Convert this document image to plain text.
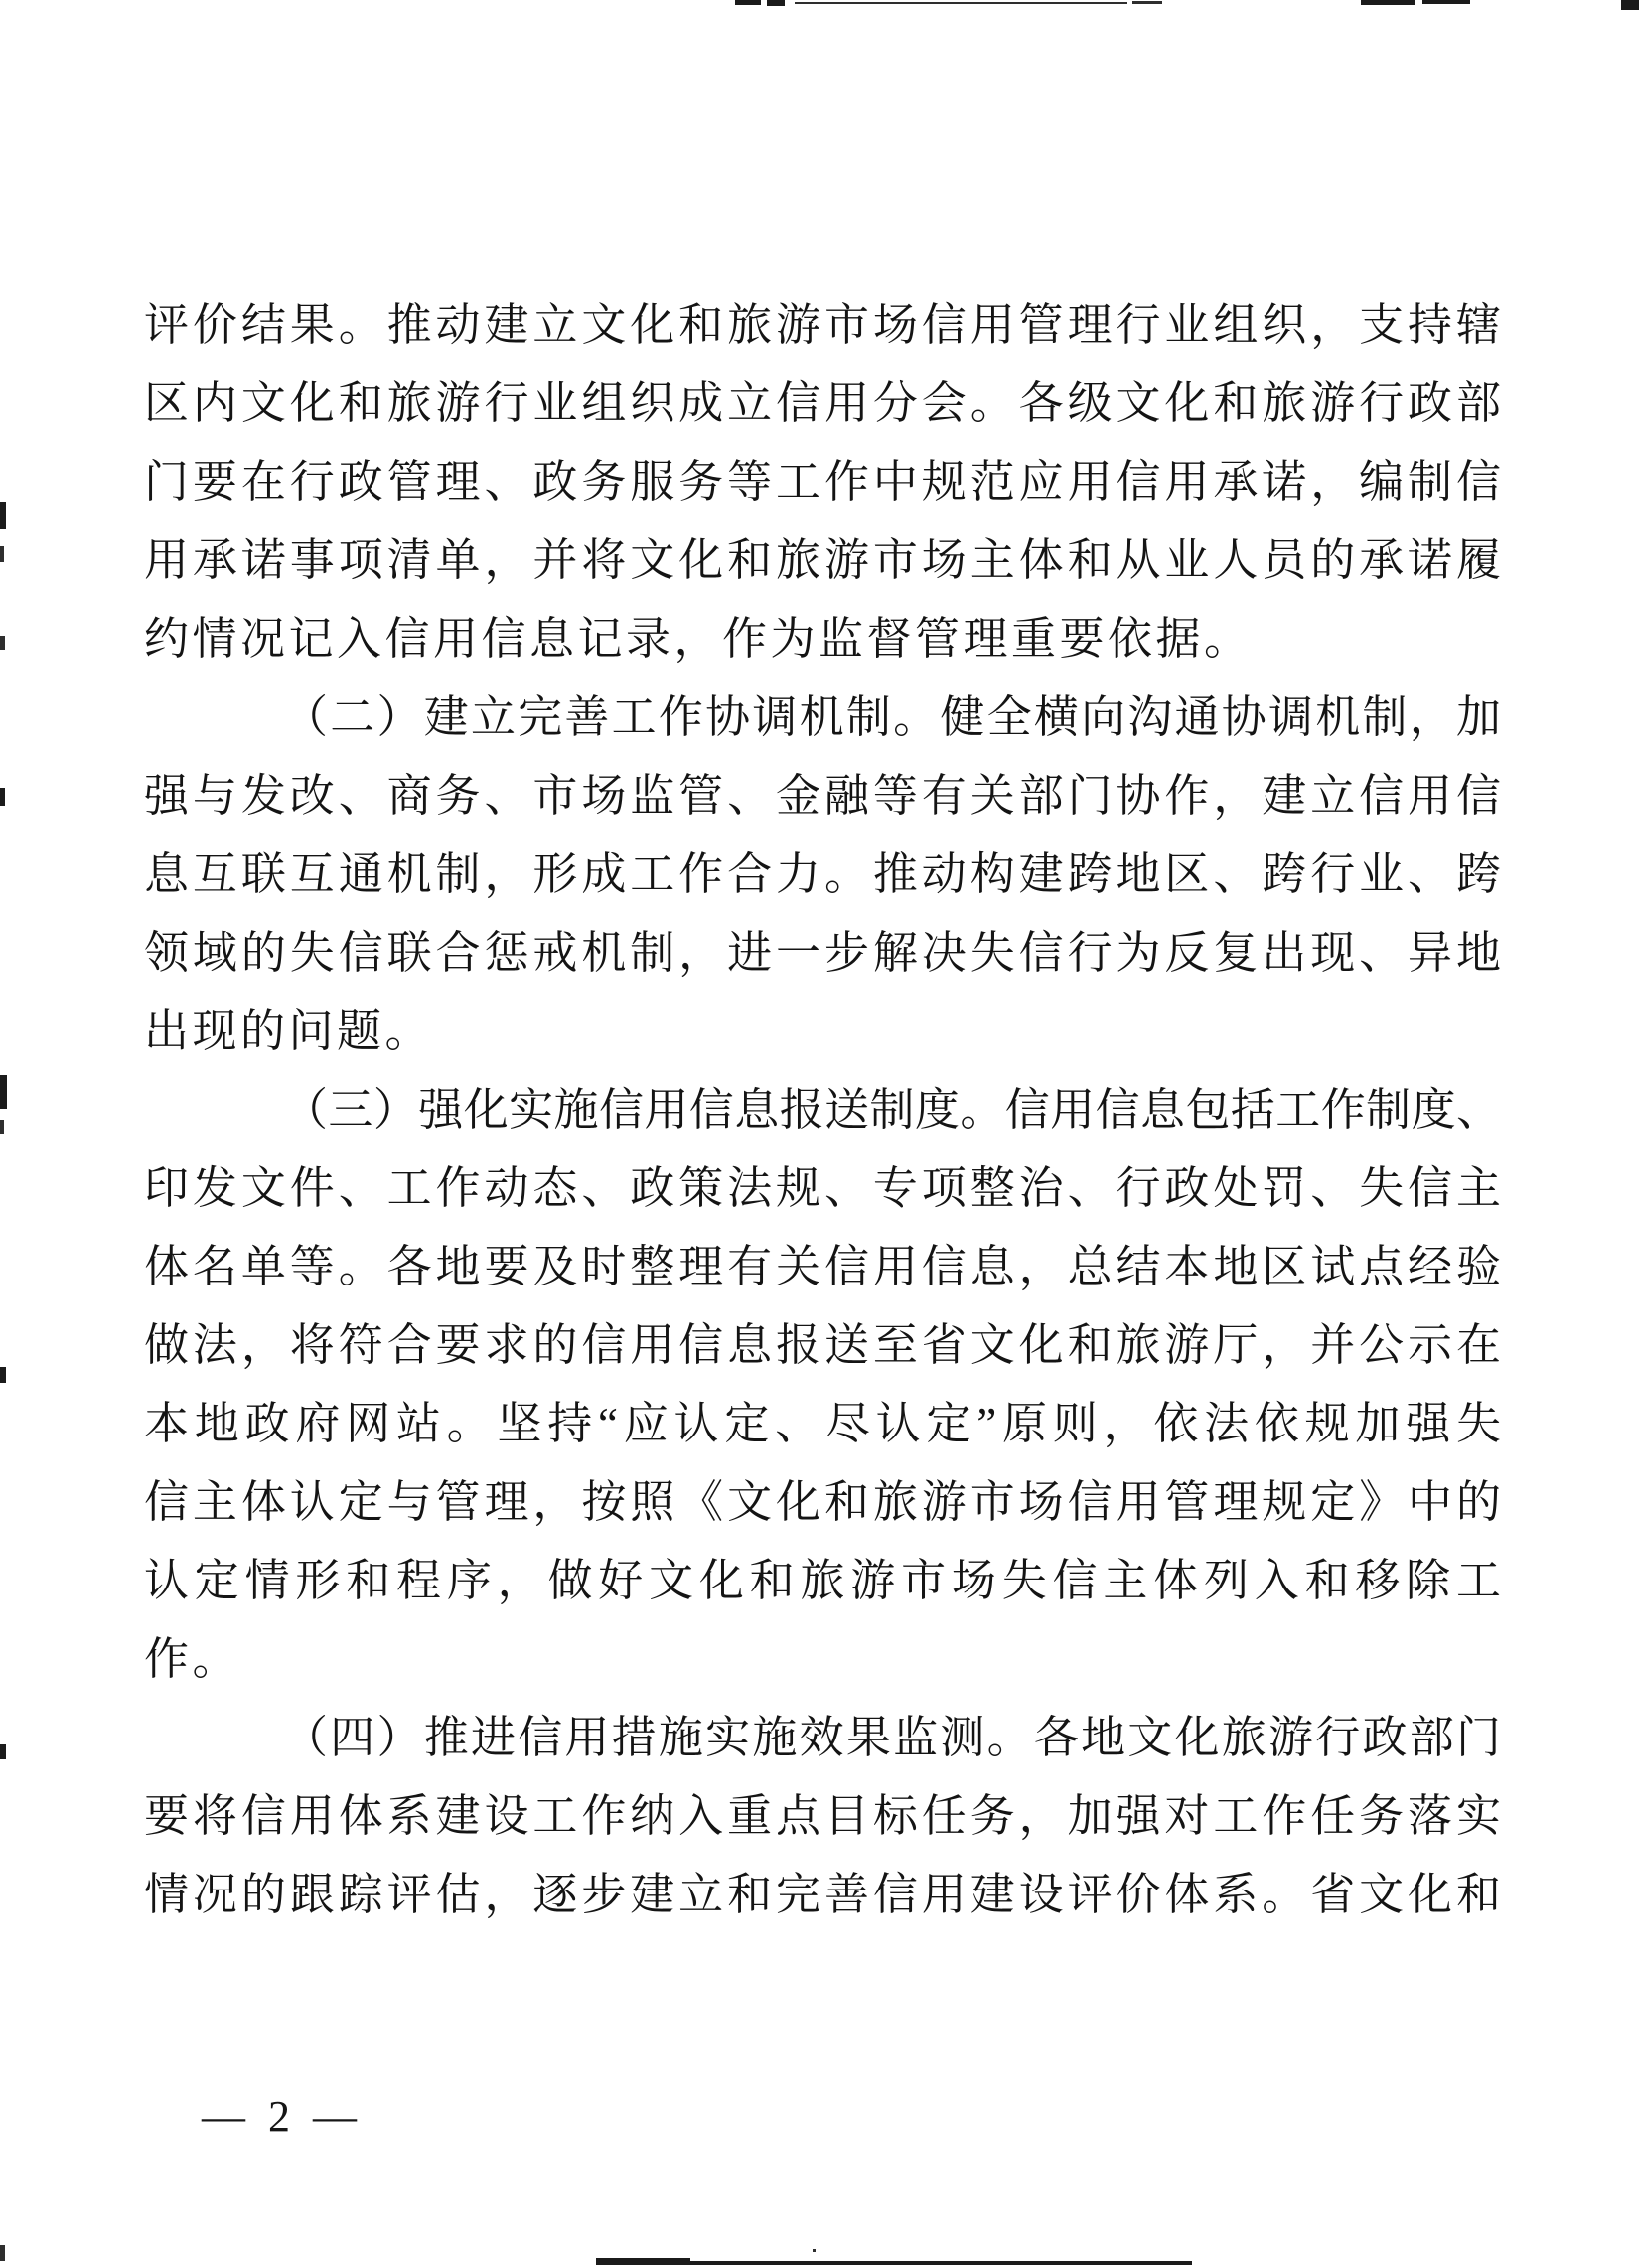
评价结果。推动建立文化和旅游市场信用管理行业组织，支持辖
区内文化和旅游行业组织成立信用分会。各级文化和旅游行政部
门要在行政管理、政务服务等工作中规范应用信用承诺，编制信
用承诺事项清单，并将文化和旅游市场主体和从业人员的承诺履
约情况记入信用信息记录，作为监督管理重要依据。
（二）建立完善工作协调机制。健全横向沟通协调机制，加
强与发改、商务、市场监管、金融等有关部门协作，建立信用信
息互联互通机制，形成工作合力。推动构建跨地区、跨行业、跨
领域的失信联合惩戒机制，进一步解决失信行为反复出现、异地
出现的问题。
（三）强化实施信用信息报送制度。信用信息包括工作制度、
印发文件、工作动态、政策法规、专项整治、行政处罚、失信主
体名单等。各地要及时整理有关信用信息，总结本地区试点经验
做法，将符合要求的信用信息报送至省文化和旅游厅，并公示在
本地政府网站。坚持“应认定、尽认定”原则，依法依规加强失
信主体认定与管理，按照《文化和旅游市场信用管理规定》中的
认定情形和程序，做好文化和旅游市场失信主体列入和移除工
作。
（四）推进信用措施实施效果监测。各地文化旅游行政部门
要将信用体系建设工作纳入重点目标任务，加强对工作任务落实
情况的跟踪评估，逐步建立和完善信用建设评价体系。省文化和
— 2 —
